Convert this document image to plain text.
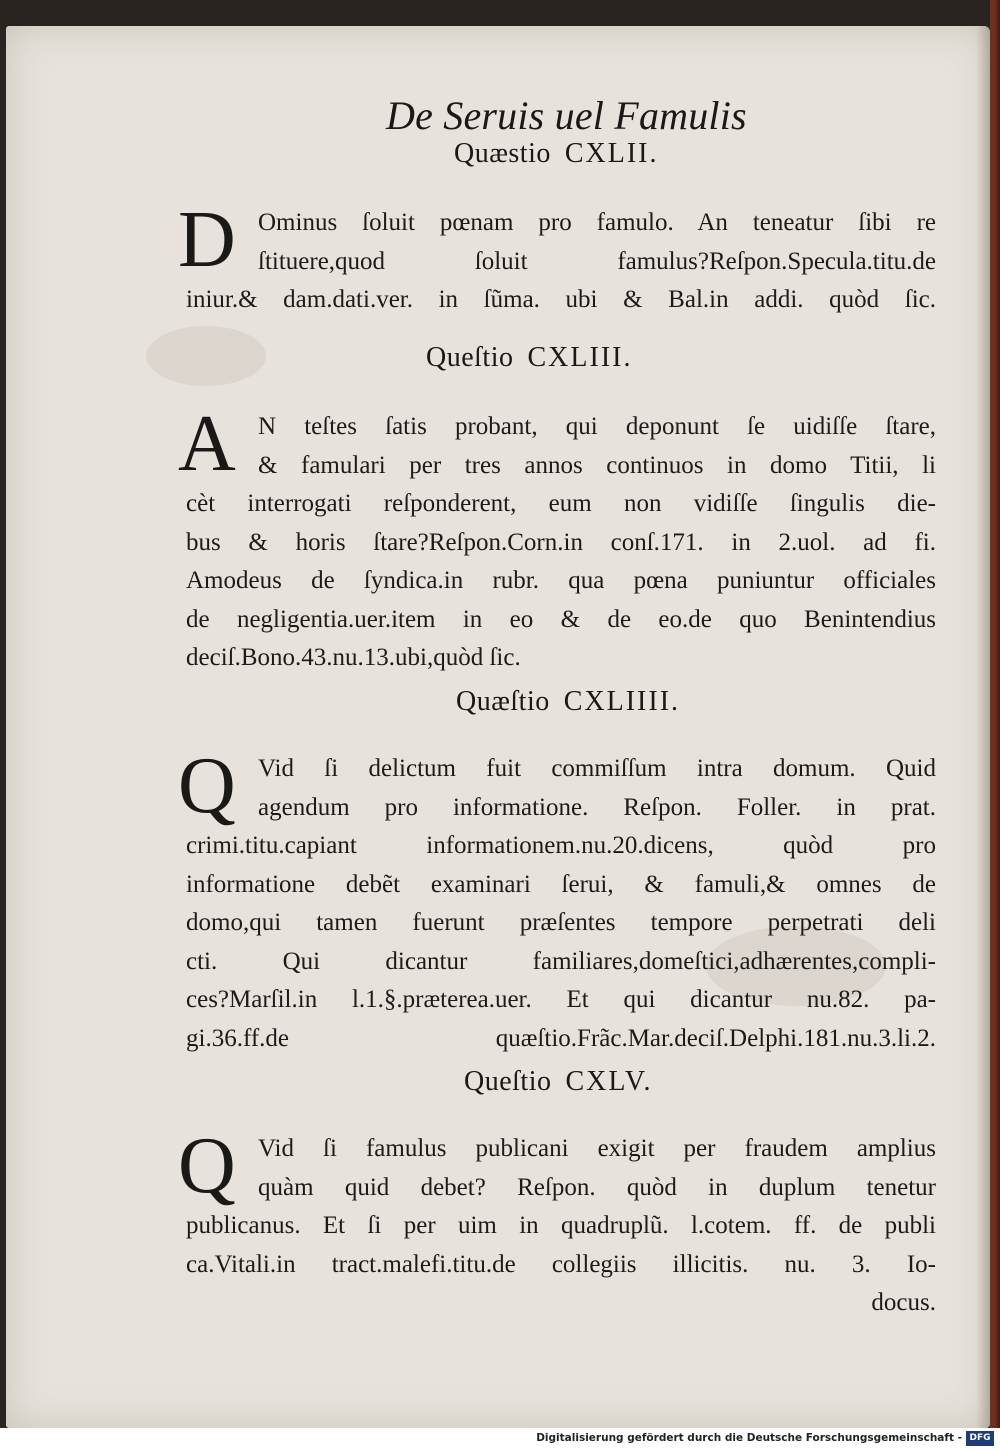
De Seruis uel Famulis
Quæstio CXLII.
D Ominus ſoluit pœnam pro famulo. An teneatur ſibi re
ſtituere,quod ſoluit famulus?Reſpon.Specula.titu.de
iniur.& dam.dati.ver. in ſũma. ubi & Bal.in addi. quòd ſic.
Queſtio CXLIII.
A N teſtes ſatis probant, qui deponunt ſe uidiſſe ſtare,
& famulari per tres annos continuos in domo Titii, li
cèt interrogati reſponderent, eum non vidiſſe ſingulis die-
bus & horis ſtare?Reſpon.Corn.in conſ.171. in 2.uol. ad fi.
Amodeus de ſyndica.in rubr. qua pœna puniuntur officiales
de negligentia.uer.item in eo & de eo.de quo Benintendius
deciſ.Bono.43.nu.13.ubi,quòd ſic.
Quæſtio CXLIIII.
Q Vid ſi delictum fuit commiſſum intra domum. Quid
agendum pro informatione. Reſpon. Foller. in prat.
crimi.titu.capiant informationem.nu.20.dicens, quòd pro
informatione debẽt examinari ſerui, & famuli,& omnes de
domo,qui tamen fuerunt præſentes tempore perpetrati deli
cti. Qui dicantur familiares,domeſtici,adhærentes,compli-
ces?Marſil.in l.1.§.præterea.uer. Et qui dicantur nu.82. pa-
gi.36.ff.de quæſtio.Frãc.Mar.deciſ.Delphi.181.nu.3.li.2.
Queſtio CXLV.
Q Vid ſi famulus publicani exigit per fraudem amplius
quàm quid debet? Reſpon. quòd in duplum tenetur
publicanus. Et ſi per uim in quadruplũ. l.cotem. ff. de publi
ca.Vitali.in tract.malefi.titu.de collegiis illicitis. nu. 3. Io-
docus.
Digitalisierung gefördert durch die Deutsche Forschungsgemeinschaft - DFG
